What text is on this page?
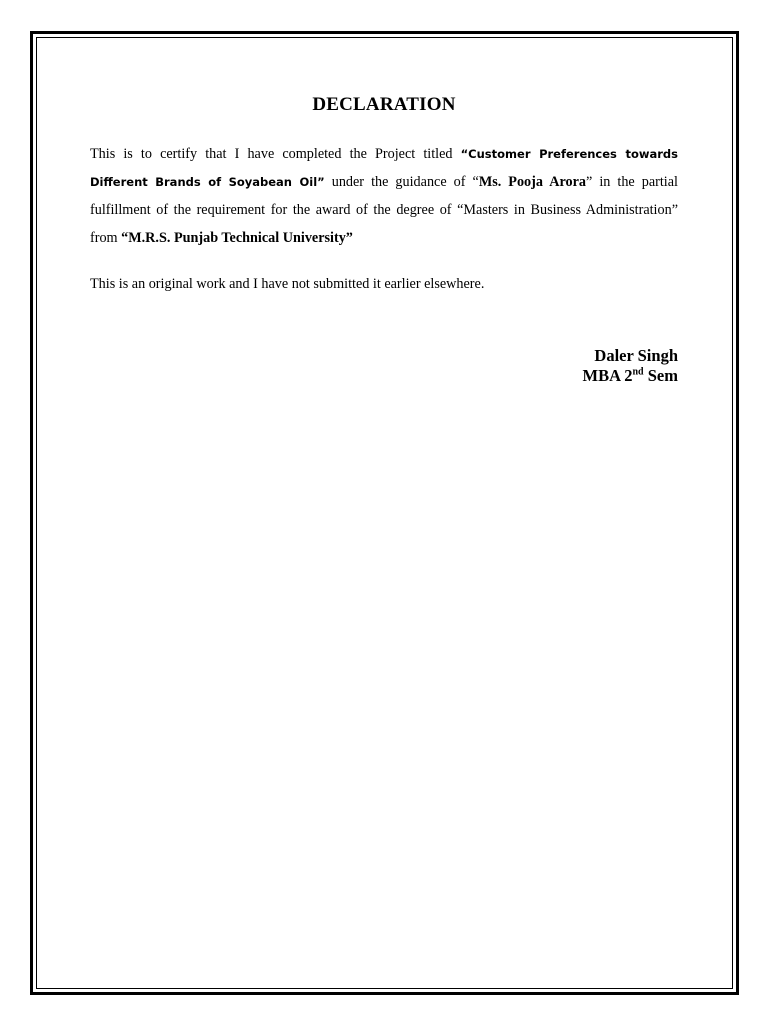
DECLARATION
This is to certify that I have completed the Project titled “Customer Preferences towards Different Brands of Soyabean Oil” under the guidance of “Ms. Pooja Arora” in the partial fulfillment of the requirement for the award of the degree of “Masters in Business Administration” from “M.R.S. Punjab Technical University”
This is an original work and I have not submitted it earlier elsewhere.
Daler Singh
MBA 2nd Sem
